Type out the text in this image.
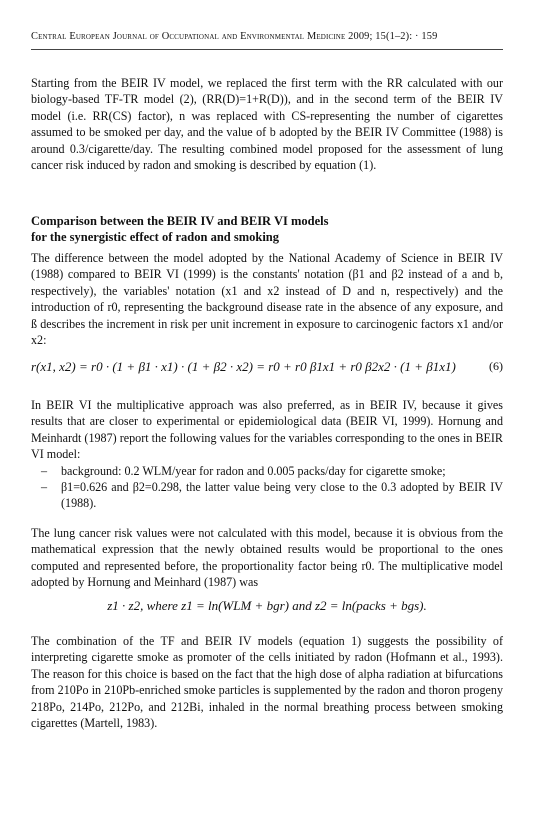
Central European Journal of Occupational and Environmental Medicine 2009; 15(1–2): · 159

Starting from the BEIR IV model, we replaced the first term with the RR calculated with our biology-based TF-TR model (2), (RR(D)=1+R(D)), and in the second term of the BEIR IV model (i.e. RR(CS) factor), n was replaced with CS-representing the number of cigarettes assumed to be smoked per day, and the value of b adopted by the BEIR IV Committee (1988) is around 0.3/cigarette/day. The resulting combined model proposed for the assessment of lung cancer risk induced by radon and smoking is described by equation (1).

Comparison between the BEIR IV and BEIR VI models

for the synergistic effect of radon and smoking

The difference between the model adopted by the National Academy of Science in BEIR IV (1988) compared to BEIR VI (1999) is the constants' notation (β1 and β2 instead of a and b, respectively), the variables' notation (x1 and x2 instead of D and n, respectively) and the introduction of r0, representing the background disease rate in the absence of any exposure, and ß describes the increment in risk per unit increment in exposure to carcinogenic factors x1 and/or x2:

r(x1, x2) = r0 · (1 + β1 · x1) · (1 + β2 · x2) = r0 + r0 β1x1 + r0 β2x2 · (1 + β1x1)	(6)

In BEIR VI the multiplicative approach was also preferred, as in BEIR IV, because it gives results that are closer to experimental or epidemiological data (BEIR VI, 1999). Hornung and Meinhardt (1987) report the following values for the variables corresponding to the ones in BEIR VI model:

– background: 0.2 WLM/year for radon and 0.005 packs/day for cigarette smoke;
– β1=0.626 and β2=0.298, the latter value being very close to the 0.3 adopted by BEIR IV (1988).

The lung cancer risk values were not calculated with this model, because it is obvious from the mathematical expression that the newly obtained results would be proportional to the ones computed and represented before, the proportionality factor being r0. The multiplicative model adopted by Hornung and Meinhard (1987) was

z1 · z2, where z1 = ln(WLM + bgr) and z2 = ln(packs + bgs).

The combination of the TF and BEIR IV models (equation 1) suggests the possibility of interpreting cigarette smoke as promoter of the cells initiated by radon (Hofmann et al., 1993). The reason for this choice is based on the fact that the high dose of alpha radiation at bifurcations from 210Po in 210Pb-enriched smoke particles is supplemented by the radon and thoron progeny 218Po, 214Po, 212Po, and 212Bi, inhaled in the normal breathing process between smoking cigarettes (Martell, 1983).
